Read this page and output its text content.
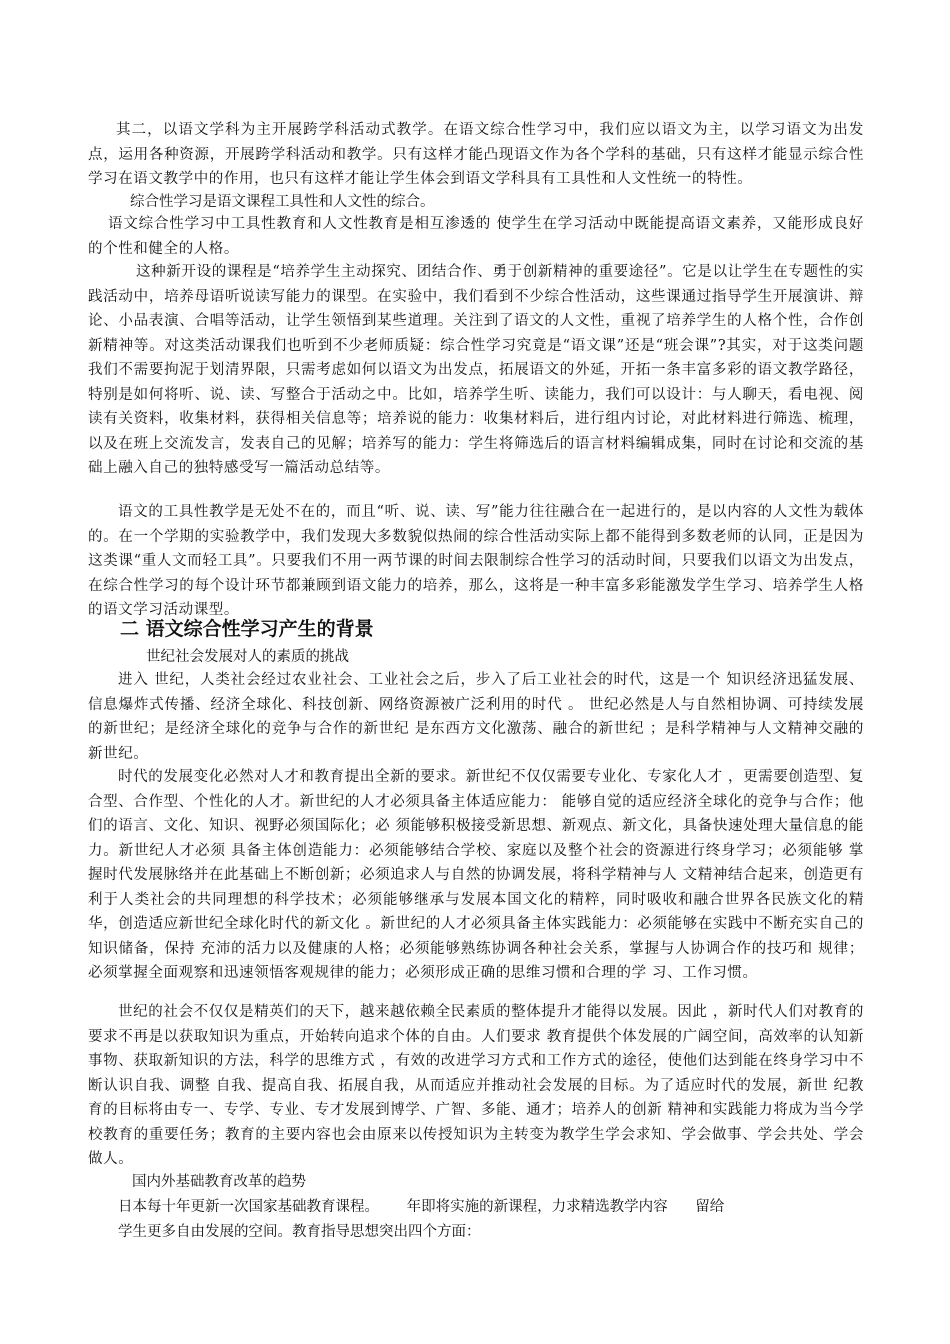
其二，以语文学科为主开展跨学科活动式教学。在语文综合性学习中，我们应以语文为主，以学习语文为出发点，运用各种资源，开展跨学科活动和教学。只有这样才能凸现语文作为各个学科的基础，只有这样才能显示综合性学习在语文教学中的作用，也只有这样才能让学生体会到语文学科具有工具性和人文性统一的特性。

综合性学习是语文课程工具性和人文性的综合。

语文综合性学习中工具性教育和人文性教育是相互渗透的 使学生在学习活动中既能提高语文素养，又能形成良好的个性和健全的人格。

这种新开设的课程是“培养学生主动探究、团结合作、勇于创新精神的重要途径”。它是以让学生在专题性的实践活动中，培养母语听说读写能力的课型。在实验中，我们看到不少综合性活动，这些课通过指导学生开展演讲、辩论、小品表演、合唱等活动，让学生领悟到某些道理。关注到了语文的人文性，重视了培养学生的人格个性，合作创新精神等。对这类活动课我们也听到不少老师质疑：综合性学习究竟是“语文课”还是“班会课”?其实，对于这类问题我们不需要拘泥于划清界限，只需考虑如何以语文为出发点，拓展语文的外延，开拓一条丰富多彩的语文教学路径，特别是如何将听、说、读、写整合于活动之中。比如，培养学生听、读能力，我们可以设计：与人聊天，看电视、阅读有关资料，收集材料，获得相关信息等；培养说的能力：收集材料后，进行组内讨论，对此材料进行筛选、梳理，以及在班上交流发言，发表自己的见解；培养写的能力：学生将筛选后的语言材料编辑成集，同时在讨论和交流的基础上融入自己的独特感受写一篇活动总结等。

语文的工具性教学是无处不在的，而且“听、说、读、写”能力往往融合在一起进行的，是以内容的人文性为载体的。在一个学期的实验教学中，我们发现大多数貌似热闹的综合性活动实际上都不能得到多数老师的认同，正是因为这类课“重人文而轻工具”。只要我们不用一两节课的时间去限制综合性学习的活动时间，只要我们以语文为出发点，在综合性学习的每个设计环节都兼顾到语文能力的培养，那么，这将是一种丰富多彩能激发学生学习、培养学生人格的语文学习活动课型。

二 语文综合性学习产生的背景

世纪社会发展对人的素质的挑战

进入 世纪，人类社会经过农业社会、工业社会之后，步入了后工业社会的时代，这是一个 知识经济迅猛发展、信息爆炸式传播、经济全球化、科技创新、网络资源被广泛利用的时代 。 世纪必然是人与自然相协调、可持续发展的新世纪；是经济全球化的竞争与合作的新世纪 是东西方文化激荡、融合的新世纪 ；是科学精神与人文精神交融的新世纪。

时代的发展变化必然对人才和教育提出全新的要求。新世纪不仅仅需要专业化、专家化人才 ，更需要创造型、复合型、合作型、个性化的人才。新世纪的人才必须具备主体适应能力： 能够自觉的适应经济全球化的竞争与合作；他们的语言、文化、知识、视野必须国际化；必 须能够积极接受新思想、新观点、新文化，具备快速处理大量信息的能力。新世纪人才必须 具备主体创造能力：必须能够结合学校、家庭以及整个社会的资源进行终身学习；必须能够 掌握时代发展脉络并在此基础上不断创新；必须追求人与自然的协调发展，将科学精神与人 文精神结合起来，创造更有利于人类社会的共同理想的科学技术；必须能够继承与发展本国文化的精粹，同时吸收和融合世界各民族文化的精华，创造适应新世纪全球化时代的新文化 。新世纪的人才必须具备主体实践能力：必须能够在实践中不断充实自己的知识储备，保持 充沛的活力以及健康的人格；必须能够熟练协调各种社会关系，掌握与人协调合作的技巧和 规律；必须掌握全面观察和迅速领悟客观规律的能力；必须形成正确的思维习惯和合理的学 习、工作习惯。

世纪的社会不仅仅是精英们的天下，越来越依赖全民素质的整体提升才能得以发展。因此 ，新时代人们对教育的要求不再是以获取知识为重点，开始转向追求个体的自由。人们要求 教育提供个体发展的广阔空间，高效率的认知新事物、获取新知识的方法，科学的思维方式 ，有效的改进学习方式和工作方式的途径，使他们达到能在终身学习中不断认识自我、调整 自我、提高自我、拓展自我，从而适应并推动社会发展的目标。为了适应时代的发展，新世 纪教育的目标将由专一、专学、专业、专才发展到博学、广智、多能、通才；培养人的创新 精神和实践能力将成为当今学校教育的重要任务；教育的主要内容也会由原来以传授知识为主转变为教学生学会求知、学会做事、学会共处、学会做人。

国内外基础教育改革的趋势

日本每十年更新一次国家基础教育课程。      年即将实施的新课程，力求精选教学内容      留给

学生更多自由发展的空间。教育指导思想突出四个方面：
